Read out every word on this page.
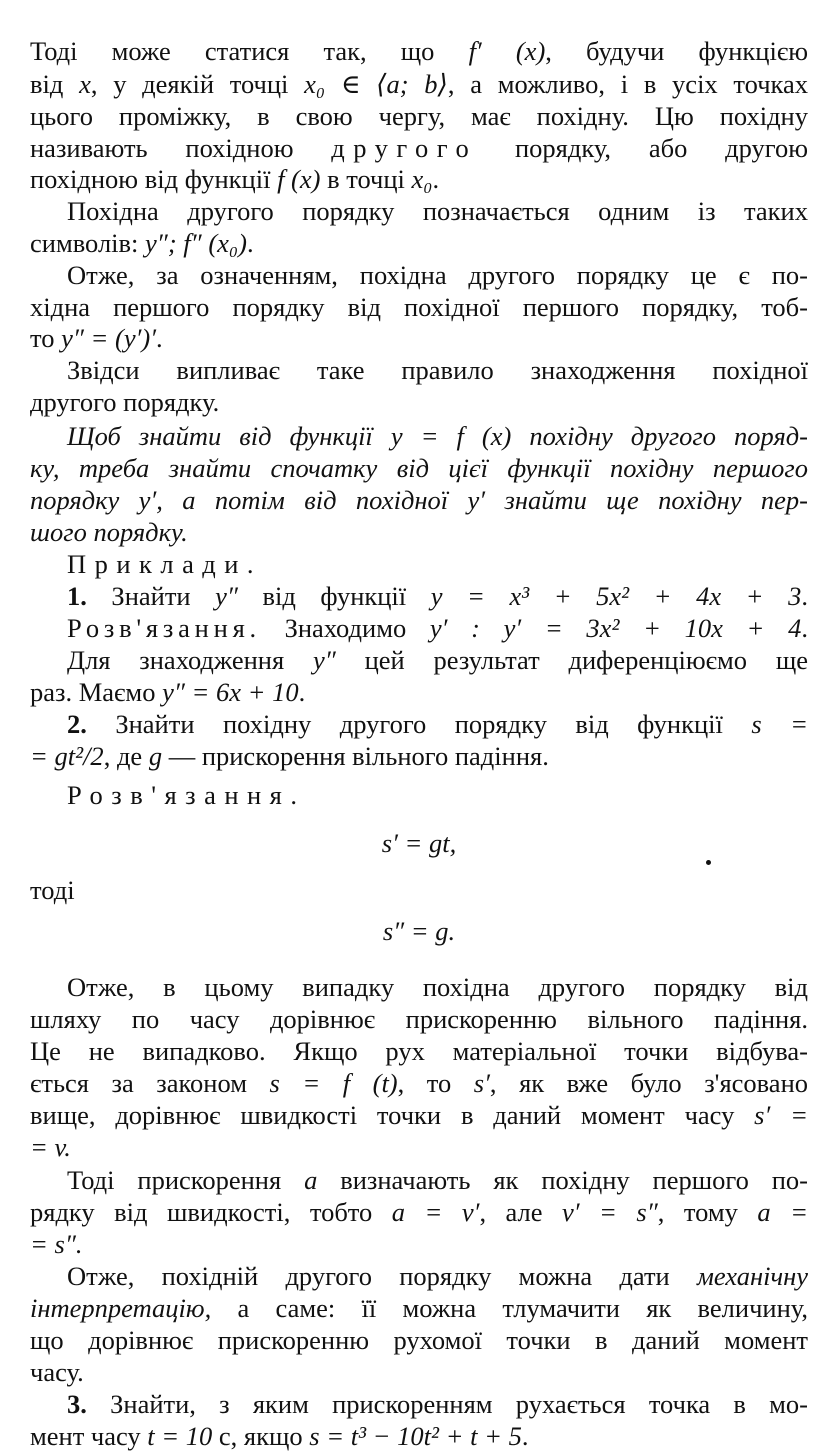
Тоді може статися так, що f′ (x), будучи функцією
від x, у деякій точці x₀ ∈ ⟨a; b⟩, а можливо, і в усіх точках
цього проміжку, в свою чергу, має похідну. Цю похідну
називають похідною другого порядку, або другою
похідною від функції f (x) в точці x₀.
Похідна другого порядку позначається одним із таких
символів: y″; f″ (x₀).
Отже, за означенням, похідна другого порядку це є по-
хідна першого порядку від похідної першого порядку, тоб-
то y″ = (y′)′.
Звідси випливає таке правило знаходження похідної
другого порядку.
Щоб знайти від функції y = f (x) похідну другого поряд-
ку, треба знайти спочатку від цієї функції похідну першого
порядку y′, а потім від похідної y′ знайти ще похідну пер-
шого порядку.
Приклади.
1. Знайти y″ від функції y = x³ + 5x² + 4x + 3.
Розв'язання. Знаходимо y′ : y′ = 3x² + 10x + 4.
Для знаходження y″ цей результат диференціюємо ще
раз. Маємо y″ = 6x + 10.
2. Знайти похідну другого порядку від функції s =
= gt²/2, де g — прискорення вільного падіння.
Розв'язання.
s′ = gt,
тоді
s″ = g.
Отже, в цьому випадку похідна другого порядку від
шляху по часу дорівнює прискоренню вільного падіння.
Це не випадково. Якщо рух матеріальної точки відбува-
ється за законом s = f (t), то s′, як вже було з'ясовано
вище, дорівнює швидкості точки в даний момент часу s′ =
= v.
Тоді прискорення a визначають як похідну першого по-
рядку від швидкості, тобто a = v′, але v′ = s″, тому a =
= s″.
Отже, похідній другого порядку можна дати механічну
інтерпретацію, а саме: її можна тлумачити як величину,
що дорівнює прискоренню рухомої точки в даний момент
часу.
3. Знайти, з яким прискоренням рухається точка в мо-
мент часу t = 10 с, якщо s = t³ − 10t² + t + 5.
